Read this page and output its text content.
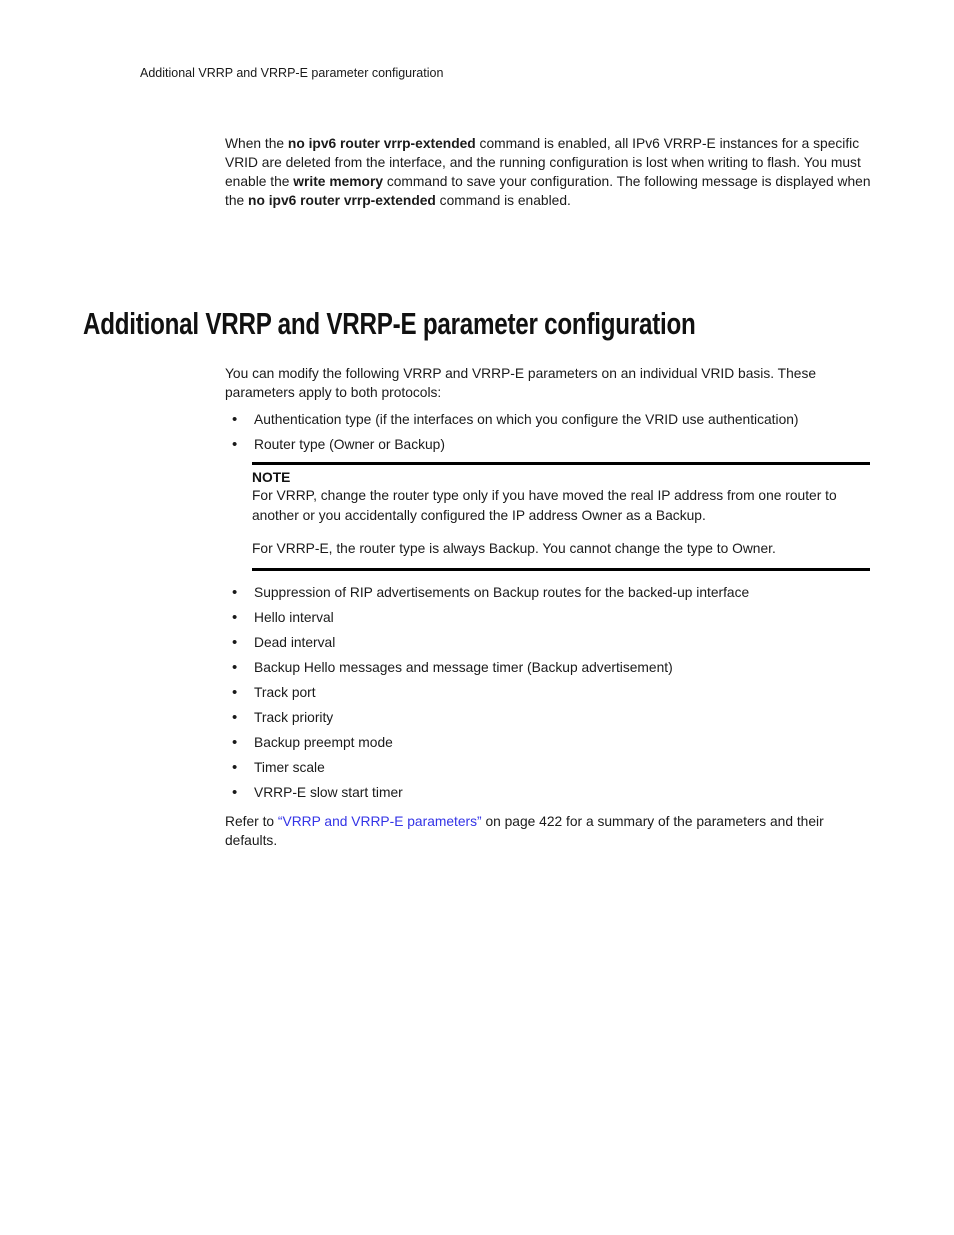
Additional VRRP and VRRP-E parameter configuration

When the no ipv6 router vrrp-extended command is enabled, all IPv6 VRRP-E instances for a specific VRID are deleted from the interface, and the running configuration is lost when writing to flash. You must enable the write memory command to save your configuration. The following message is displayed when the no ipv6 router vrrp-extended command is enabled.

Additional VRRP and VRRP-E parameter configuration

You can modify the following VRRP and VRRP-E parameters on an individual VRID basis. These parameters apply to both protocols:

• Authentication type (if the interfaces on which you configure the VRID use authentication)
• Router type (Owner or Backup)
NOTE

For VRRP, change the router type only if you have moved the real IP address from one router to another or you accidentally configured the IP address Owner as a Backup.

For VRRP-E, the router type is always Backup. You cannot change the type to Owner.

• Suppression of RIP advertisements on Backup routes for the backed-up interface
• Hello interval
• Dead interval
• Backup Hello messages and message timer (Backup advertisement)
• Track port
• Track priority
• Backup preempt mode
• Timer scale
• VRRP-E slow start timer

Refer to “VRRP and VRRP-E parameters” on page 422 for a summary of the parameters and their defaults.
